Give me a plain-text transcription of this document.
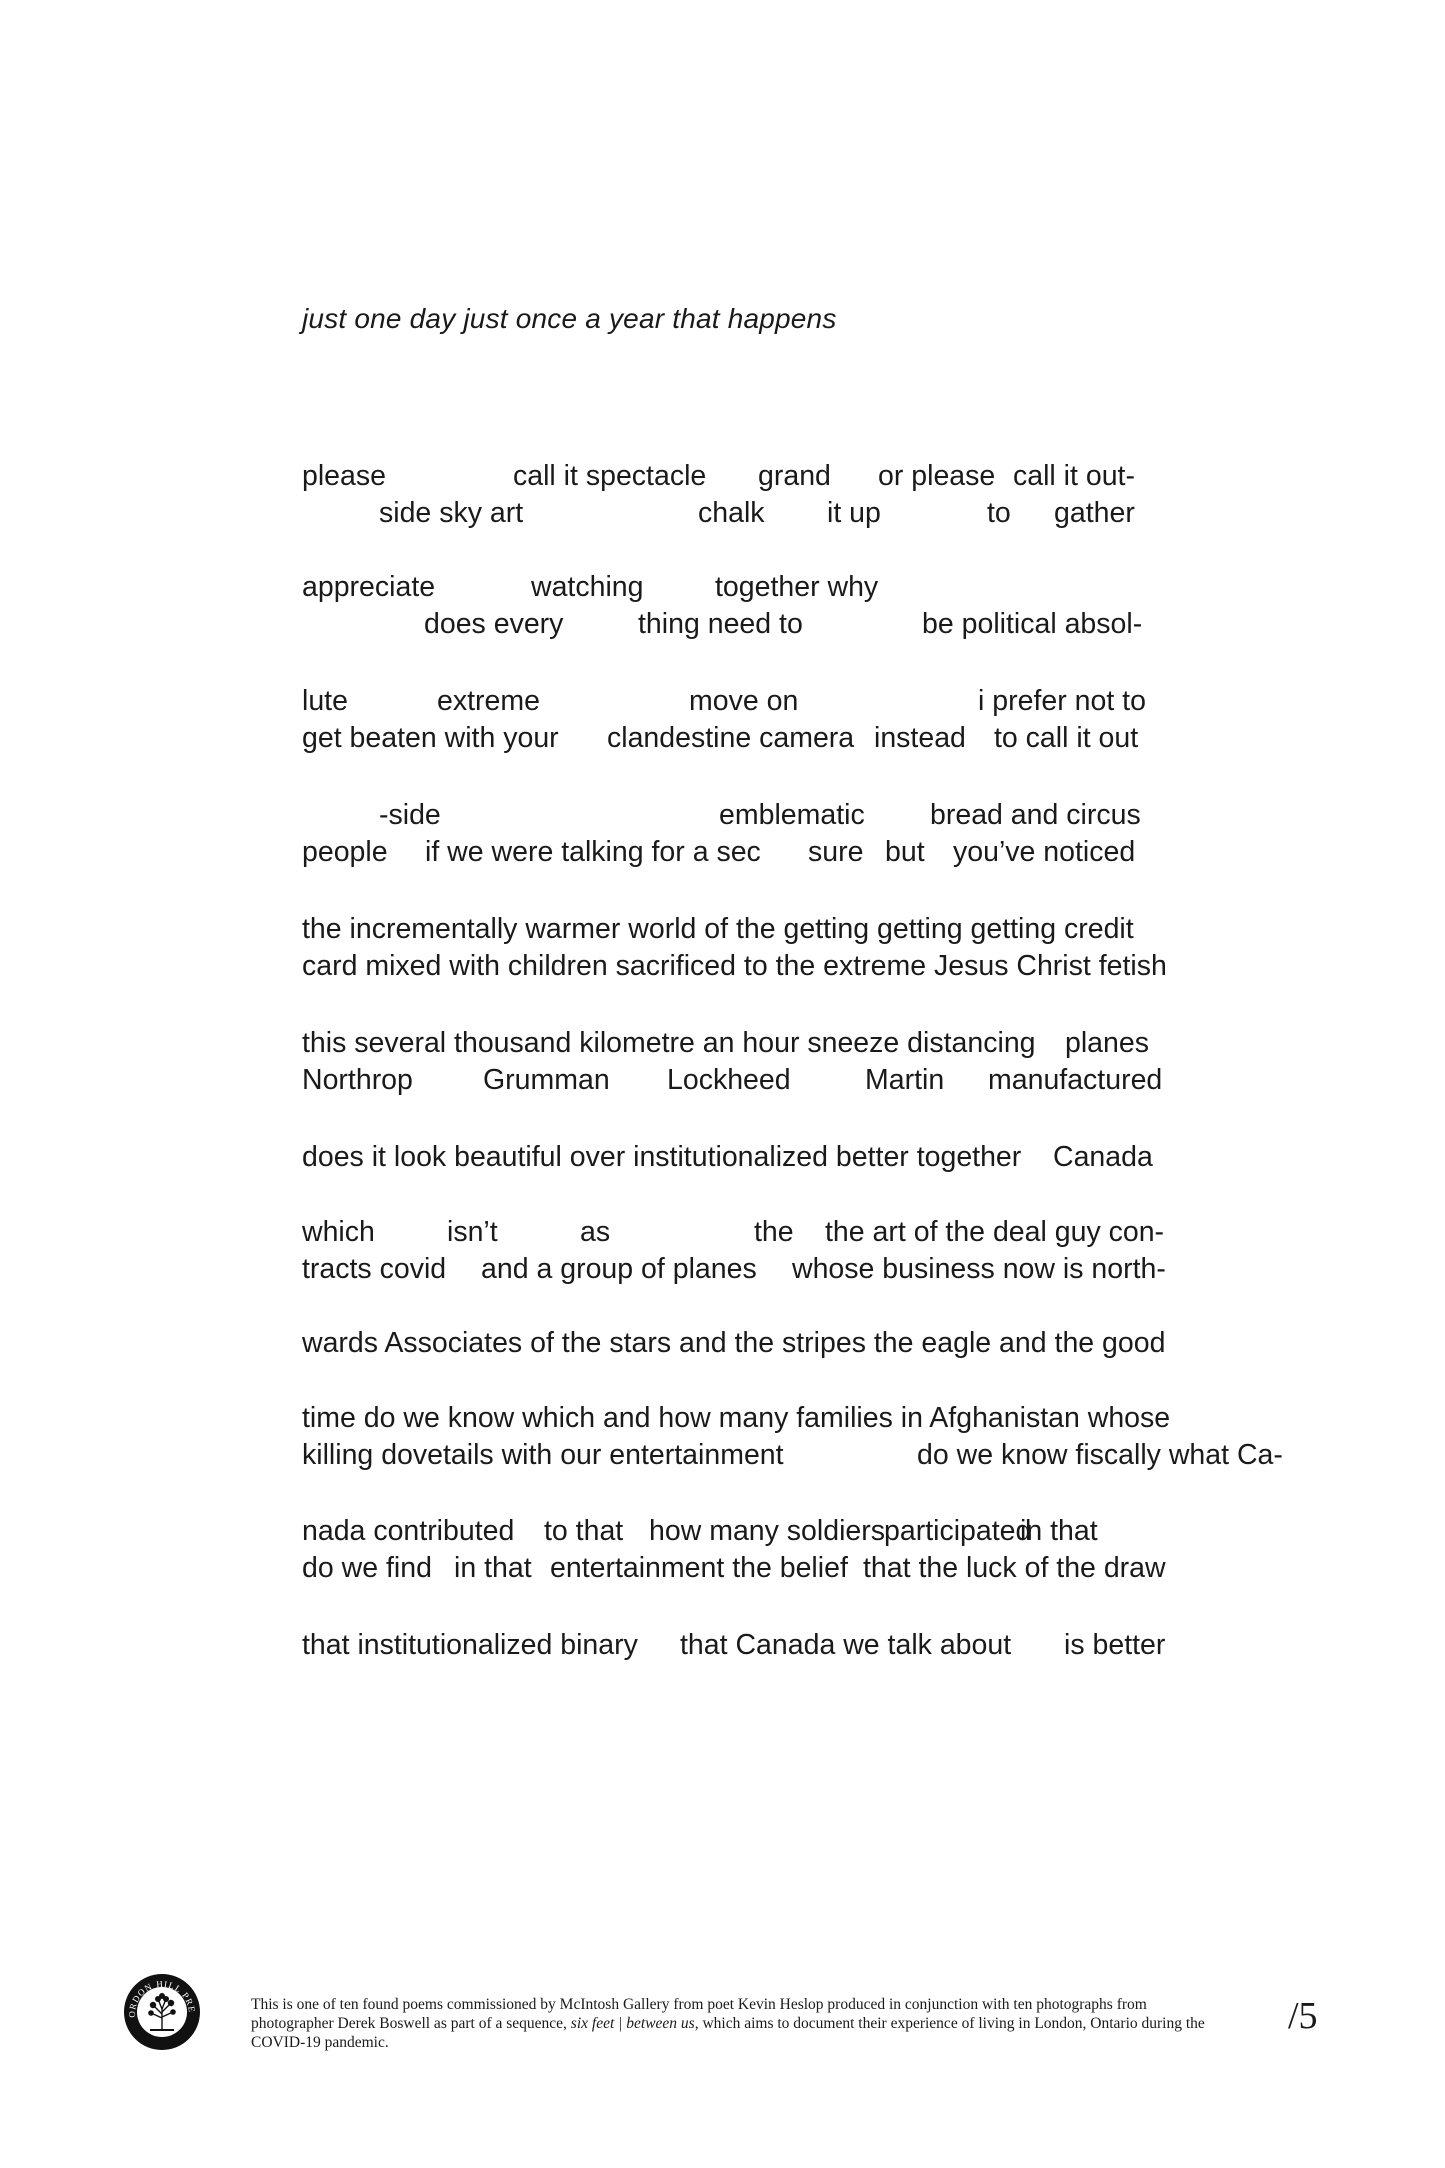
just one day just once a year that happens
please	call it spectacle grand or please call it out-
side sky art	chalk it up	to gather
appreciate	watching	together why
does every	thing need to	be political absol-
lute	extreme	move on	i prefer not to
get beaten with your clandestine camera instead to call it out
-side	emblematic bread and circus
people if we were talking for a sec sure but you’ve noticed
the incrementally warmer world of the getting getting getting credit
card mixed with children sacrificed to the extreme Jesus Christ fetish
this several thousand kilometre an hour sneeze distancing planes
Northrop Grumman Lockheed	Martin manufactured
does it look beautiful over institutionalized better together Canada
which	isn’t	as	the the art of the deal guy con-
tracts covid and a group of planes whose business now is north-
wards Associates of the stars and the stripes the eagle and the good
time do we know which and how many families in Afghanistan whose
killing dovetails with our entertainment	do we know fiscally what Ca-
nada contributed to that how many soldiers
participated
in that
do we find in that entertainment the belief that the luck of the draw
that institutionalized binary that Canada we talk about is better
ORDON HILL PRE	This is one of ten found poems commissioned by McIntosh Gallery from poet Kevin Heslop produced in conjunction with ten photographs from photographer Derek Boswell as part of a sequence, six feet | between us, which aims to document their experience of living in London, Ontario during the COVID-19 pandemic.
/5
